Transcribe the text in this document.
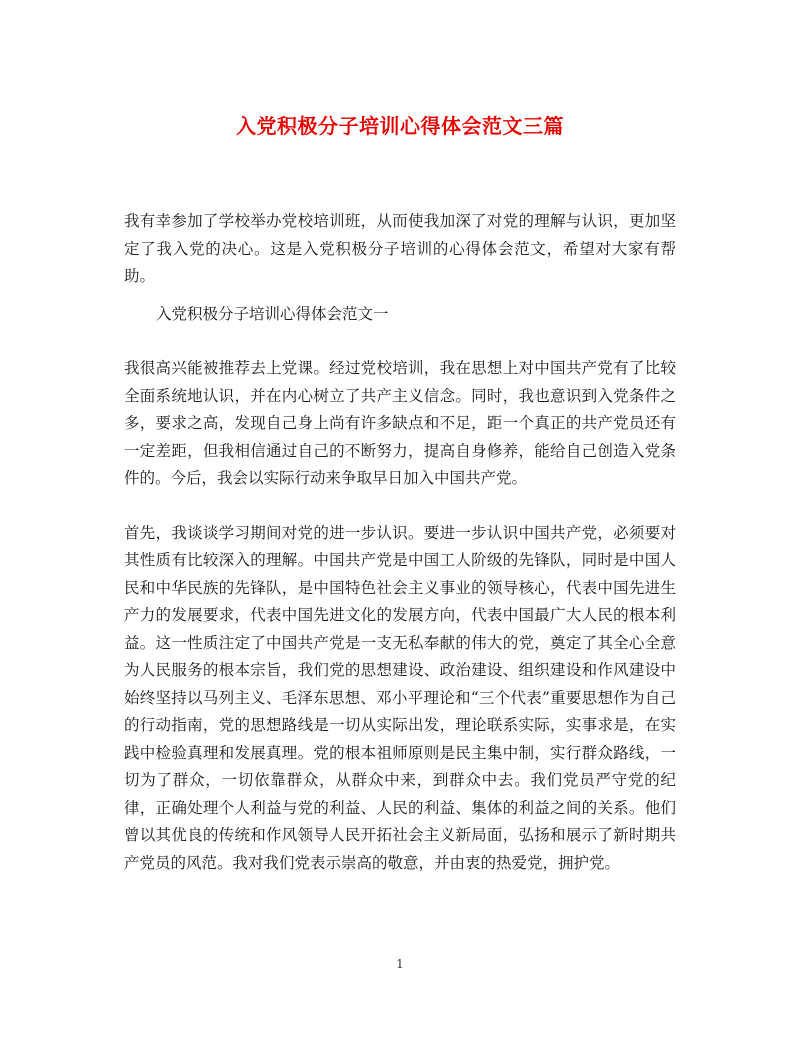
入党积极分子培训心得体会范文三篇

我有幸参加了学校举办党校培训班，从而使我加深了对党的理解与认识，更加坚定了我入党的决心。这是入党积极分子培训的心得体会范文，希望对大家有帮助。

入党积极分子培训心得体会范文一

我很高兴能被推荐去上党课。经过党校培训，我在思想上对中国共产党有了比较全面系统地认识，并在内心树立了共产主义信念。同时，我也意识到入党条件之多，要求之高，发现自己身上尚有许多缺点和不足，距一个真正的共产党员还有一定差距，但我相信通过自己的不断努力，提高自身修养，能给自己创造入党条件的。今后，我会以实际行动来争取早日加入中国共产党。

首先，我谈谈学习期间对党的进一步认识。要进一步认识中国共产党，必须要对其性质有比较深入的理解。中国共产党是中国工人阶级的先锋队，同时是中国人民和中华民族的先锋队，是中国特色社会主义事业的领导核心，代表中国先进生产力的发展要求，代表中国先进文化的发展方向，代表中国最广大人民的根本利益。这一性质注定了中国共产党是一支无私奉献的伟大的党，奠定了其全心全意为人民服务的根本宗旨，我们党的思想建设、政治建设、组织建设和作风建设中始终坚持以马列主义、毛泽东思想、邓小平理论和“三个代表”重要思想作为自己的行动指南，党的思想路线是一切从实际出发，理论联系实际，实事求是，在实践中检验真理和发展真理。党的根本祖师原则是民主集中制，实行群众路线，一切为了群众，一切依靠群众，从群众中来，到群众中去。我们党员严守党的纪律，正确处理个人利益与党的利益、人民的利益、集体的利益之间的关系。他们曾以其优良的传统和作风领导人民开拓社会主义新局面，弘扬和展示了新时期共产党员的风范。我对我们党表示崇高的敬意，并由衷的热爱党，拥护党。

1
